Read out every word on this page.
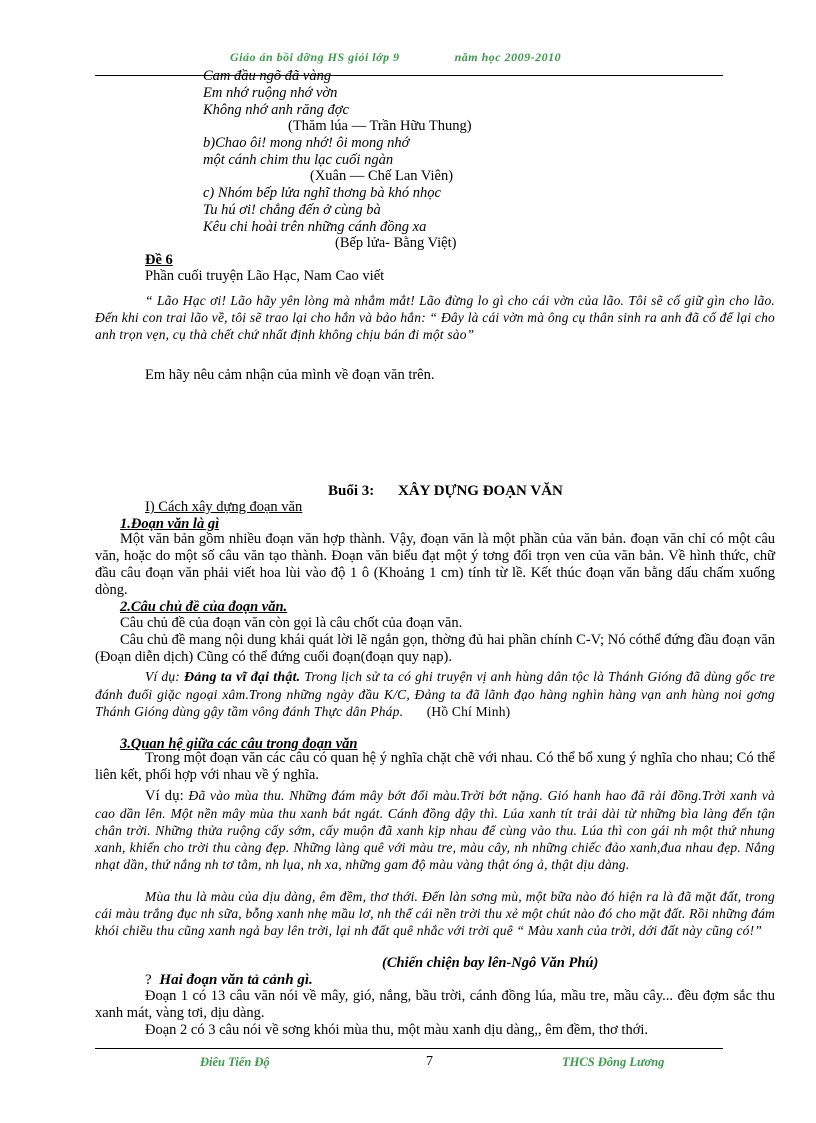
Giáo án bồi dỡng HS giỏi lớp 9	năm học 2009-2010
Cam đầu ngõ đã vàng
Em nhớ ruộng nhớ vờn
Không nhớ anh răng đợc
(Thăm lúa — Trần Hữu Thung)
b)Chao ôi! mong nhớ! ôi mong nhớ
một cánh chim thu lạc cuối ngàn
(Xuân — Chế Lan Viên)
c) Nhóm bếp lửa nghĩ thơng bà khó nhọc
Tu hú ơi! chẳng đến ở cùng bà
Kêu chi hoài trên những cánh đồng xa
(Bếp lửa- Bằng Việt)
Đề 6
Phần cuối truyện Lão Hạc, Nam Cao viết
“ Lão Hạc ơi! Lão hãy yên lòng mà nhắm mắt! Lão đừng lo gì cho cái vờn của lão. Tôi sẽ cố giữ gìn cho lão. Đến khi con trai lão về, tôi sẽ trao lại cho hắn và bảo hắn: “ Đây là cái vờn mà ông cụ thân sinh ra anh đã cố để lại cho anh trọn vẹn, cụ thà chết chứ nhất định không chịu bán đi một sào”
Em hãy nêu cảm nhận của mình về đoạn văn trên.
Buổi 3: XÂY DỰNG ĐOẠN VĂN
I) Cách xây dựng đoạn văn
1.Đoạn văn là gì
Một văn bản gồm nhiều đoạn văn hợp thành. Vậy, đoạn văn là một phần của văn bản. đoạn văn chỉ có một câu văn, hoặc do một số câu văn tạo thành. Đoạn văn biểu đạt một ý tơng đối trọn ven của văn bản. Về hình thức, chữ đầu câu đoạn văn phải viết hoa lùi vào độ 1 ô (Khoảng 1 cm) tính từ lề. Kết thúc đoạn văn bằng dấu chấm xuống dòng.
2.Câu chủ đề của đoạn văn.
Câu chủ đề của đoạn văn còn gọi là câu chốt của đoạn văn.
Câu chủ đề mang nội dung khái quát lời lẽ ngắn gọn, thờng đủ hai phần chính C-V; Nó cóthể đứng đầu đoạn văn (Đoạn diễn dịch) Cũng có thể đứng cuối đoạn(đoạn quy nạp).
Ví dụ: Đảng ta vĩ đại thật. Trong lịch sử ta có ghi truyện vị anh hùng dân tộc là Thánh Gióng đã dùng gốc tre đánh đuổi giặc ngoại xâm.Trong những ngày đầu K/C, Đảng ta đã lãnh đạo hàng nghìn hàng vạn anh hùng noi gơng Thánh Gióng dùng gậy tầm vông đánh Thực dân Pháp. (Hồ Chí Minh)
3.Quan hệ giữa các câu trong đoạn văn
Trong một đoạn văn các câu có quan hệ ý nghĩa chặt chẽ với nhau. Có thể bổ xung ý nghĩa cho nhau; Có thể liên kết, phối hợp với nhau về ý nghĩa.
Ví dụ: Đã vào mùa thu. Những đám mây bớt đổi màu.Trời bớt nặng. Gió hanh hao đã rải đồng.Trời xanh và cao dần lên. Một nền mây mùa thu xanh bát ngát. Cánh đồng dậy thì. Lúa xanh tít trải dài từ những bìa làng đến tận chân trời. Những thửa ruộng cấy sớm, cấy muộn đã xanh kịp nhau để cùng vào thu. Lúa thì con gái nh một thứ nhung xanh, khiến cho trời thu càng đẹp. Những làng quê với màu tre, màu cây, nh những chiếc đảo xanh,đua nhau đẹp. Nắng nhạt dần, thứ nắng nh tơ tằm, nh lụa, nh xa, những gam độ màu vàng thật óng ả, thật dịu dàng.
Mùa thu là màu của dịu dàng, êm đềm, thơ thới. Đến làn sơng mù, một bữa nào đó hiện ra là đã mặt đất, trong cái màu trắng đục nh sữa, bỗng xanh nhẹ mầu lơ, nh thể cái nền trời thu xẻ một chút nào đó cho mặt đất. Rồi những đám khói chiều thu cũng xanh ngả bay lên trời, lại nh đất quê nhắc với trời quê “ Màu xanh của trời, dới đất này cũng có!”
(Chiến chiện bay lên-Ngô Văn Phú)
? Hai đoạn văn tả cảnh gì.
Đoạn 1 có 13 câu văn nói về mây, gió, nắng, bầu trời, cánh đồng lúa, mầu tre, mầu cây... đều đợm sắc thu xanh mát, vàng tơi, dịu dàng.
Đoạn 2 có 3 câu nói về sơng khói mùa thu, một màu xanh dịu dàng,, êm đềm, thơ thới.
Điêu Tiến Độ	7	THCS Đông Lương
